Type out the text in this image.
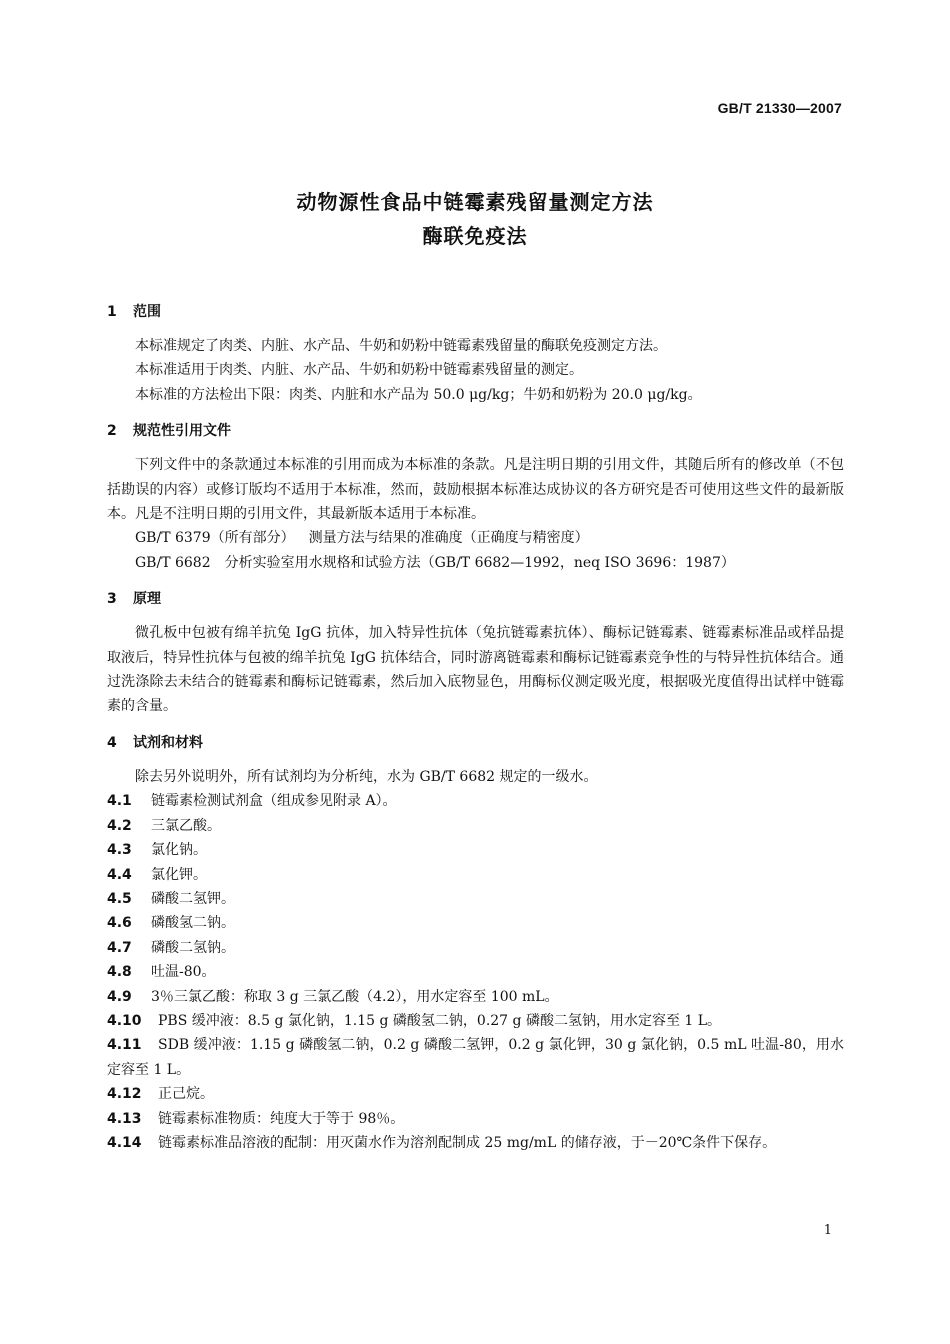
GB/T 21330—2007
动物源性食品中链霉素残留量测定方法
酶联免疫法
1 范围

本标准规定了肉类、内脏、水产品、牛奶和奶粉中链霉素残留量的酶联免疫测定方法。

本标准适用于肉类、内脏、水产品、牛奶和奶粉中链霉素残留量的测定。

本标准的方法检出下限：肉类、内脏和水产品为 50.0 μg/kg；牛奶和奶粉为 20.0 μg/kg。

2 规范性引用文件

下列文件中的条款通过本标准的引用而成为本标准的条款。凡是注明日期的引用文件，其随后所有的修改单（不包括勘误的内容）或修订版均不适用于本标准，然而，鼓励根据本标准达成协议的各方研究是否可使用这些文件的最新版本。凡是不注明日期的引用文件，其最新版本适用于本标准。

GB/T 6379（所有部分） 测量方法与结果的准确度（正确度与精密度）

GB/T 6682 分析实验室用水规格和试验方法（GB/T 6682—1992，neq ISO 3696：1987）

3 原理

微孔板中包被有绵羊抗兔 IgG 抗体，加入特异性抗体（兔抗链霉素抗体）、酶标记链霉素、链霉素标准品或样品提取液后，特异性抗体与包被的绵羊抗兔 IgG 抗体结合，同时游离链霉素和酶标记链霉素竞争性的与特异性抗体结合。通过洗涤除去未结合的链霉素和酶标记链霉素，然后加入底物显色，用酶标仪测定吸光度，根据吸光度值得出试样中链霉素的含量。

4 试剂和材料

除去另外说明外，所有试剂均为分析纯，水为 GB/T 6682 规定的一级水。

4.1 链霉素检测试剂盒（组成参见附录 A）。

4.2 三氯乙酸。

4.3 氯化钠。

4.4 氯化钾。

4.5 磷酸二氢钾。

4.6 磷酸氢二钠。

4.7 磷酸二氢钠。

4.8 吐温-80。

4.9 3％三氯乙酸：称取 3 g 三氯乙酸（4.2），用水定容至 100 mL。

4.10 PBS 缓冲液：8.5 g 氯化钠，1.15 g 磷酸氢二钠，0.27 g 磷酸二氢钠，用水定容至 1 L。

4.11 SDB 缓冲液：1.15 g 磷酸氢二钠，0.2 g 磷酸二氢钾，0.2 g 氯化钾，30 g 氯化钠，0.5 mL 吐温-80，用水定容至 1 L。

4.12 正己烷。

4.13 链霉素标准物质：纯度大于等于 98％。

4.14 链霉素标准品溶液的配制：用灭菌水作为溶剂配制成 25 mg/mL 的储存液，于－20℃条件下保存。

1
